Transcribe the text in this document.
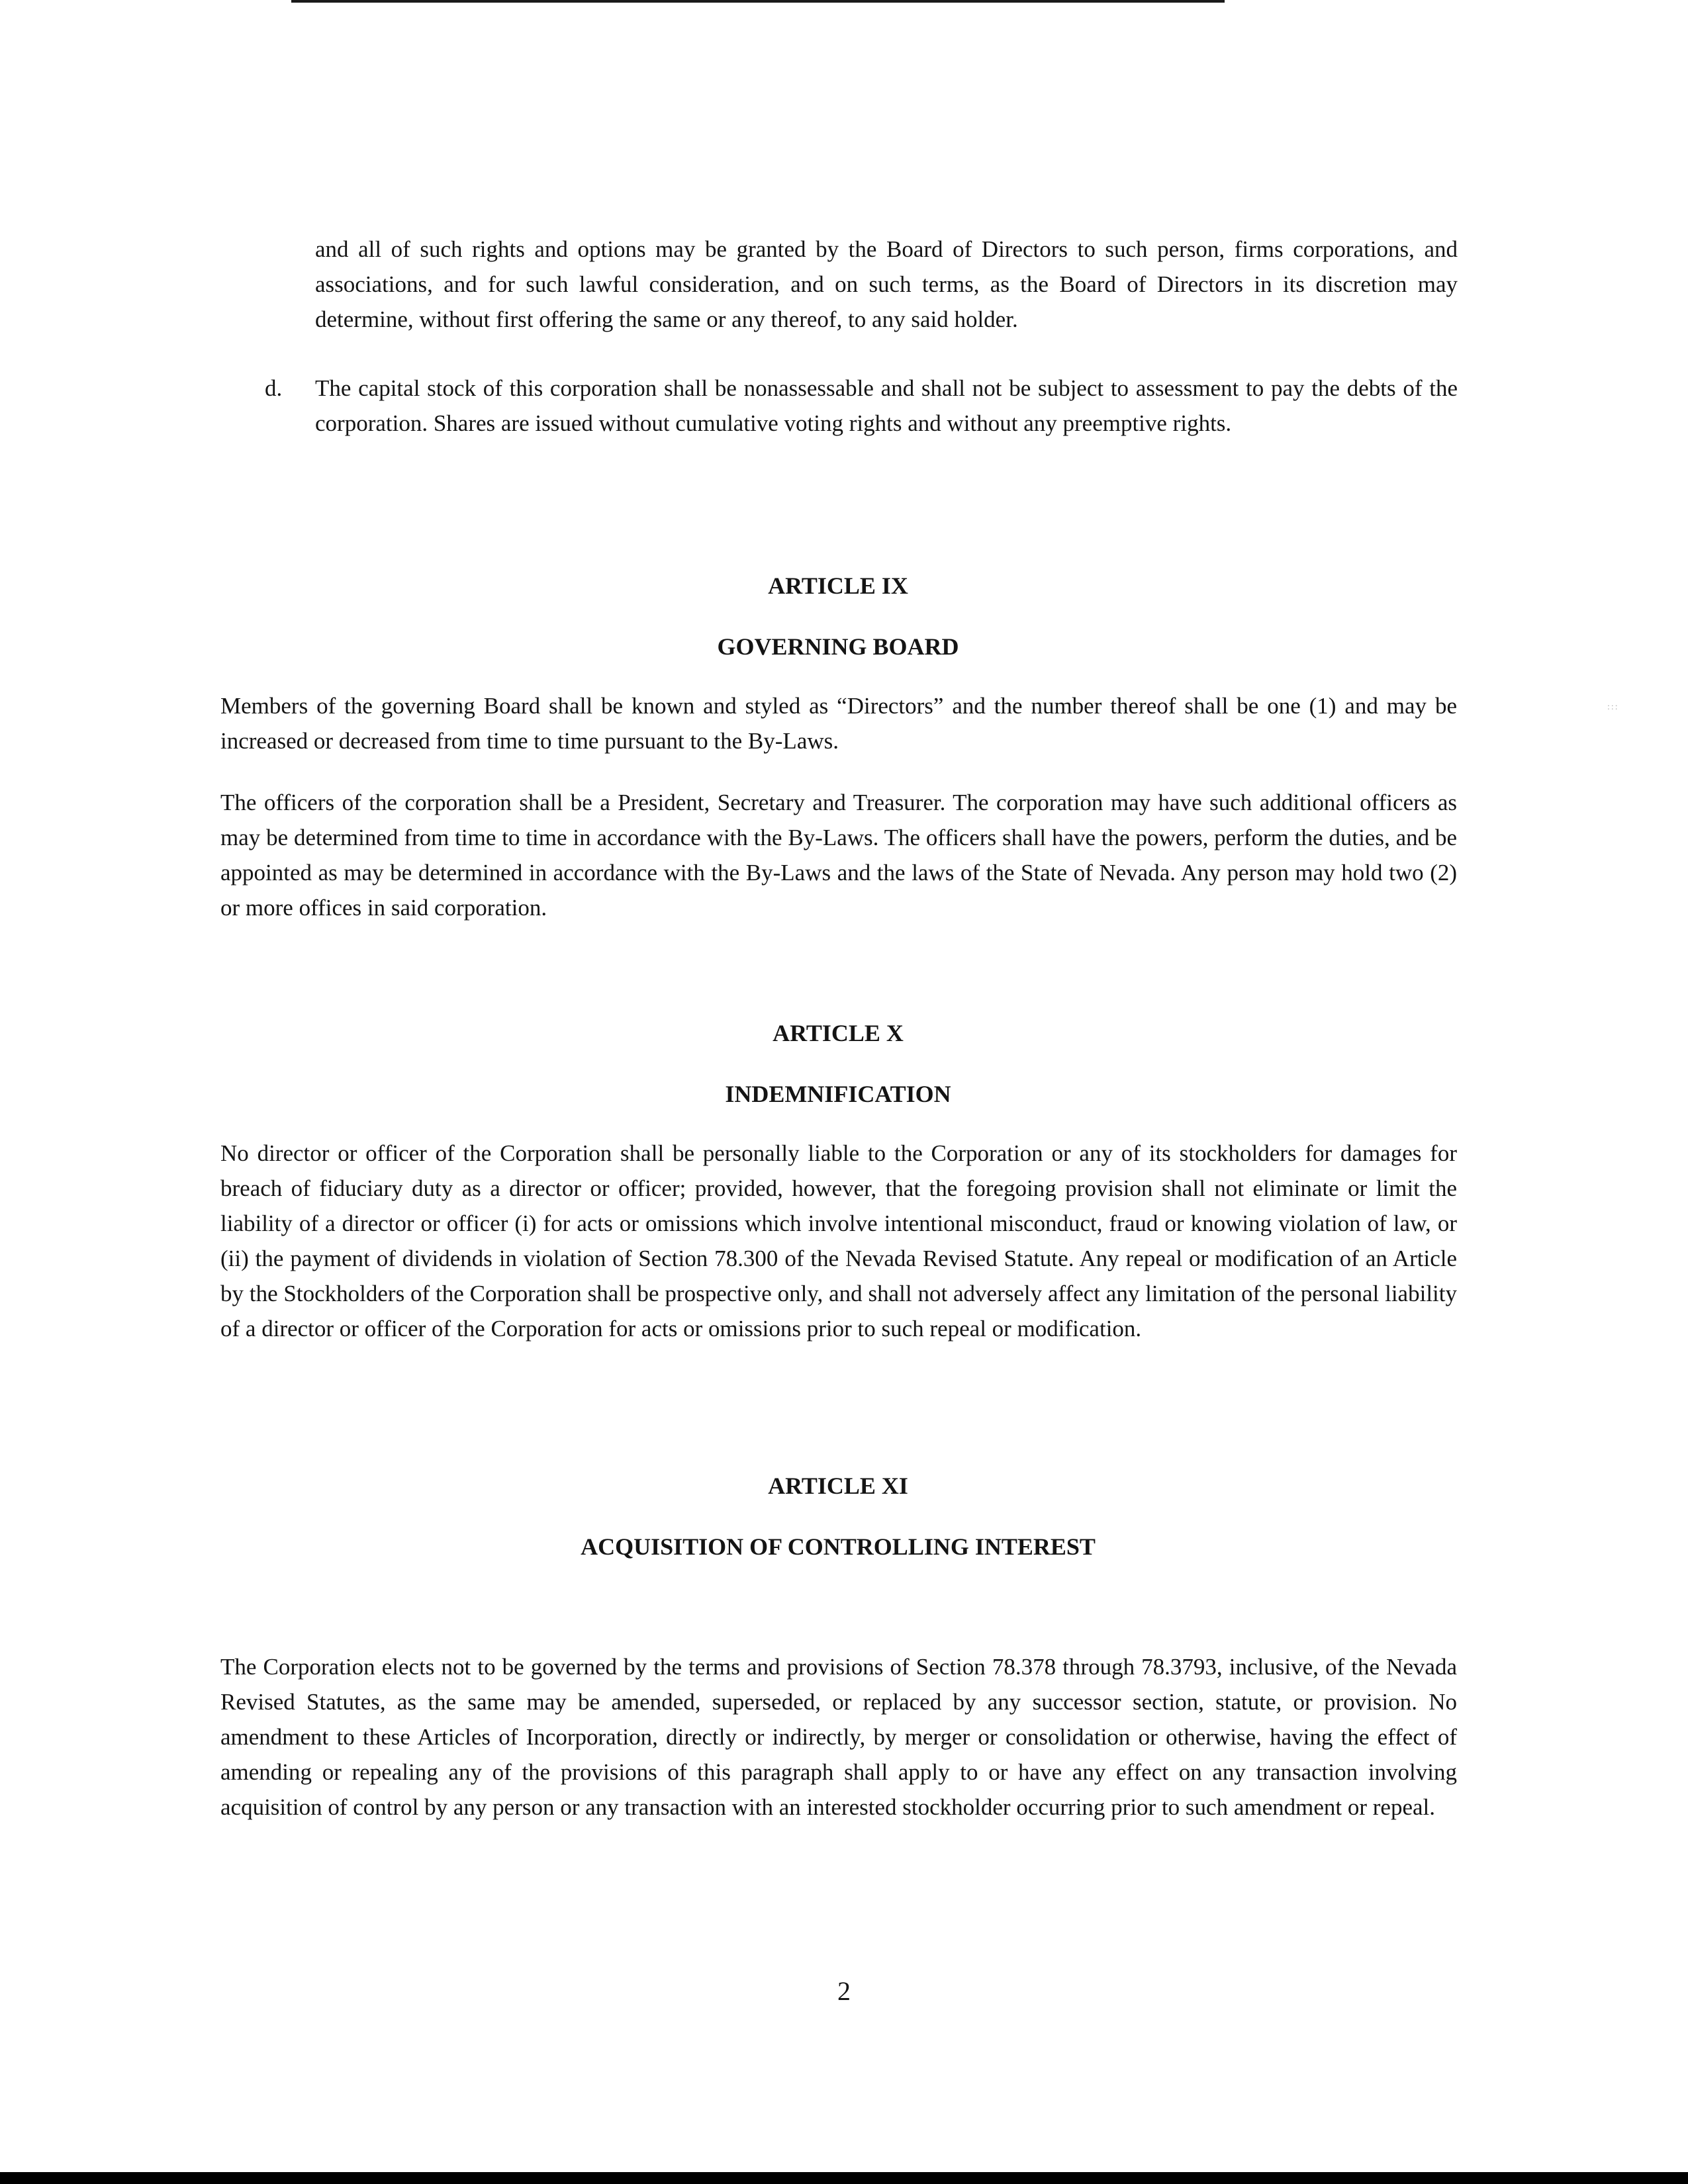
and all of such rights and options may be granted by the Board of Directors to such person, firms corporations, and associations, and for such lawful consideration, and on such terms, as the Board of Directors in its discretion may determine, without first offering the same or any thereof, to any said holder.

d. The capital stock of this corporation shall be nonassessable and shall not be subject to assessment to pay the debts of the corporation. Shares are issued without cumulative voting rights and without any preemptive rights.

ARTICLE IX
GOVERNING BOARD

Members of the governing Board shall be known and styled as “Directors” and the number thereof shall be one (1) and may be increased or decreased from time to time pursuant to the By-Laws.

The officers of the corporation shall be a President, Secretary and Treasurer. The corporation may have such additional officers as may be determined from time to time in accordance with the By-Laws. The officers shall have the powers, perform the duties, and be appointed as may be determined in accordance with the By-Laws and the laws of the State of Nevada. Any person may hold two (2) or more offices in said corporation.

:::
ARTICLE X
INDEMNIFICATION

No director or officer of the Corporation shall be personally liable to the Corporation or any of its stockholders for damages for breach of fiduciary duty as a director or officer; provided, however, that the foregoing provision shall not eliminate or limit the liability of a director or officer (i) for acts or omissions which involve intentional misconduct, fraud or knowing violation of law, or (ii) the payment of dividends in violation of Section 78.300 of the Nevada Revised Statute. Any repeal or modification of an Article by the Stockholders of the Corporation shall be prospective only, and shall not adversely affect any limitation of the personal liability of a director or officer of the Corporation for acts or omissions prior to such repeal or modification.

ARTICLE XI
ACQUISITION OF CONTROLLING INTEREST

The Corporation elects not to be governed by the terms and provisions of Section 78.378 through 78.3793, inclusive, of the Nevada Revised Statutes, as the same may be amended, superseded, or replaced by any successor section, statute, or provision. No amendment to these Articles of Incorporation, directly or indirectly, by merger or consolidation or otherwise, having the effect of amending or repealing any of the provisions of this paragraph shall apply to or have any effect on any transaction involving acquisition of control by any person or any transaction with an interested stockholder occurring prior to such amendment or repeal.

2
